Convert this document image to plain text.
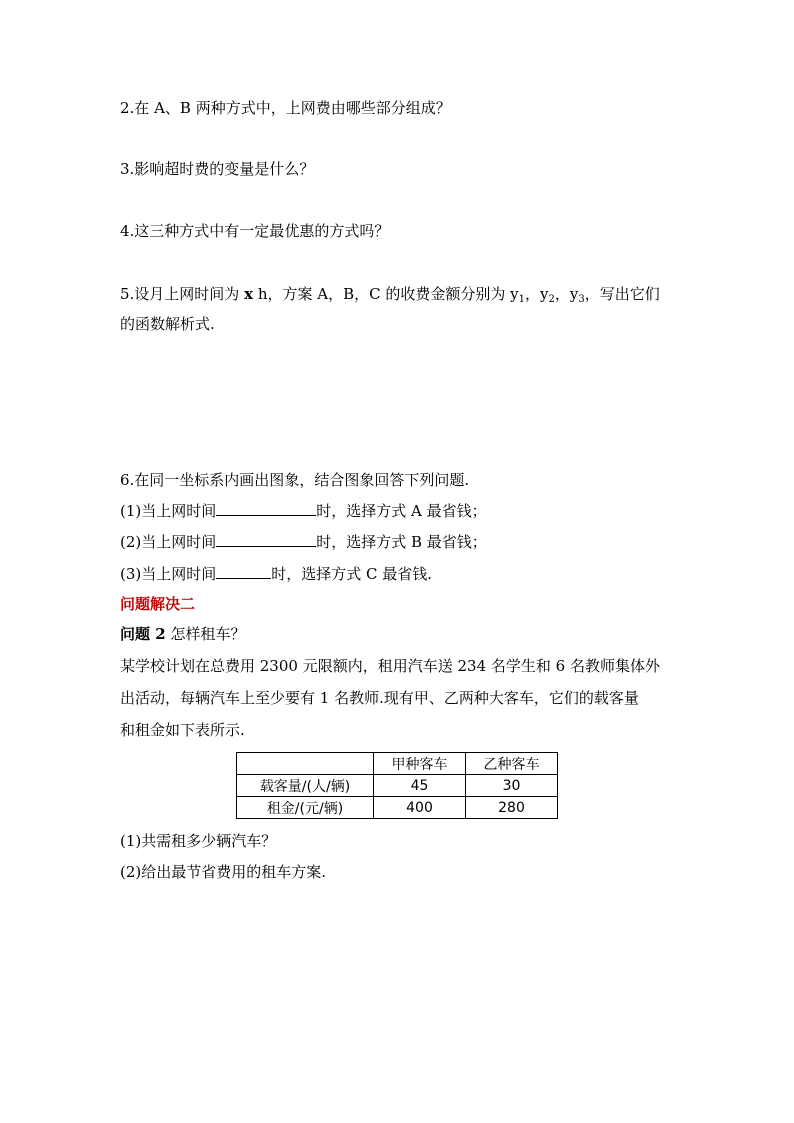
2.在 A、B 两种方式中，上网费由哪些部分组成？
3.影响超时费的变量是什么？
4.这三种方式中有一定最优惠的方式吗？
5.设月上网时间为 x h，方案 A，B，C 的收费金额分别为 $y_1$，$y_2$，$y_3$，写出它们
的函数解析式.
6.在同一坐标系内画出图象，结合图象回答下列问题.
(1)当上网时间	时，选择方式 A 最省钱；
(2)当上网时间	时，选择方式 B 最省钱；
(3)当上网时间	时，选择方式 C 最省钱.
问题解决二
问题 2 怎样租车？
某学校计划在总费用 2300 元限额内，租用汽车送 234 名学生和 6 名教师集体外
出活动，每辆汽车上至少要有 1 名教师.现有甲、乙两种大客车，它们的载客量
和租金如下表所示.
	甲种客车	乙种客车
载客量/(人/辆)	45	30
租金/(元/辆)	400	280
(1)共需租多少辆汽车？
(2)给出最节省费用的租车方案.
